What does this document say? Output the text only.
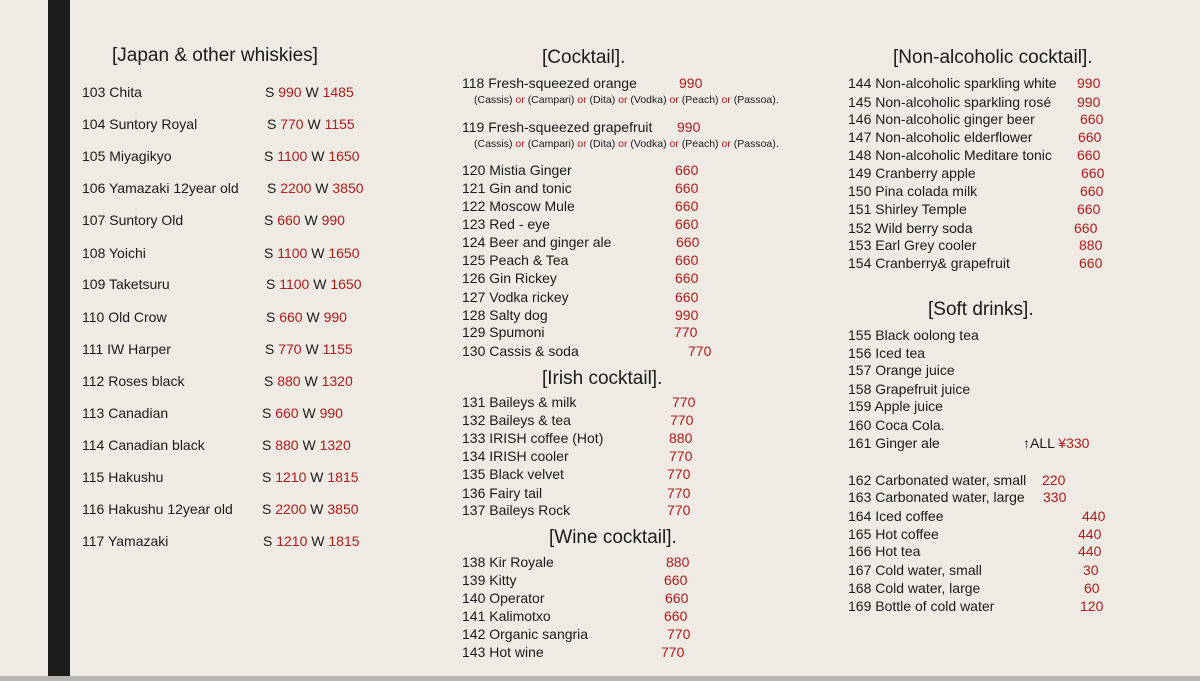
[Japan & other whiskies]
103 Chita	S 990 W 1485
104 Suntory Royal	S 770 W 1155
105 Miyagikyo	S 1100 W 1650
106 Yamazaki 12year old S 2200 W 3850
107 Suntory Old	S 660 W 990
108 Yoichi	S 1100 W 1650
109 Taketsuru	S 1100 W 1650
110 Old Crow	S 660 W 990
111 IW Harper	S 770 W 1155
112 Roses black	S 880 W 1320
113 Canadian	S 660 W 990
114 Canadian black	S 880 W 1320
115 Hakushu	S 1210 W 1815
116 Hakushu 12year old S 2200 W 3850
117 Yamazaki	S 1210 W 1815
[Cocktail].
118 Fresh-squeezed orange	990
119 Fresh-squeezed grapefruit 990
120 Mistia Ginger	660
121 Gin and tonic	660
122 Moscow Mule	660
123 Red - eye	660
124 Beer and ginger ale	660
125 Peach & Tea	660
126 Gin Rickey	660
127 Vodka rickey	660
128 Salty dog	990
129 Spumoni	770
130 Cassis & soda	770
(Cassis) or (Campari) or (Dita) or (Vodka) or (Peach) or (Passoa).
(Cassis) or (Campari) or (Dita) or (Vodka) or (Peach) or (Passoa).
[Irish cocktail].
131 Baileys & milk	770
132 Baileys & tea	770
133 IRISH coffee (Hot)	880
134 IRISH cooler	770
135 Black velvet	770
136 Fairy tail	770
137 Baileys Rock	770
[Wine cocktail].
138 Kir Royale	880
139 Kitty	660
140 Operator	660
141 Kalimotxo	660
142 Organic sangria	770
143 Hot wine	770
[Non-alcoholic cocktail].
144 Non-alcoholic sparkling white 990
145 Non-alcoholic sparkling rosé 990
146 Non-alcoholic ginger beer	660
147 Non-alcoholic elderflower	660
148 Non-alcoholic Meditare tonic 660
149 Cranberry apple	660
150 Pina colada milk	660
151 Shirley Temple	660
152 Wild berry soda	660
153 Earl Grey cooler	880
154 Cranberry& grapefruit	660
[Soft drinks].
155 Black oolong tea
156 Iced tea
157 Orange juice
158 Grapefruit juice
159 Apple juice
160 Coca Cola.
161 Ginger ale	↑ALL ¥330
162 Carbonated water, small 220
163 Carbonated water, large 330
164 Iced coffee	440
165 Hot coffee	440
166 Hot tea	440
167 Cold water, small	30
168 Cold water, large	60
169 Bottle of cold water	120
